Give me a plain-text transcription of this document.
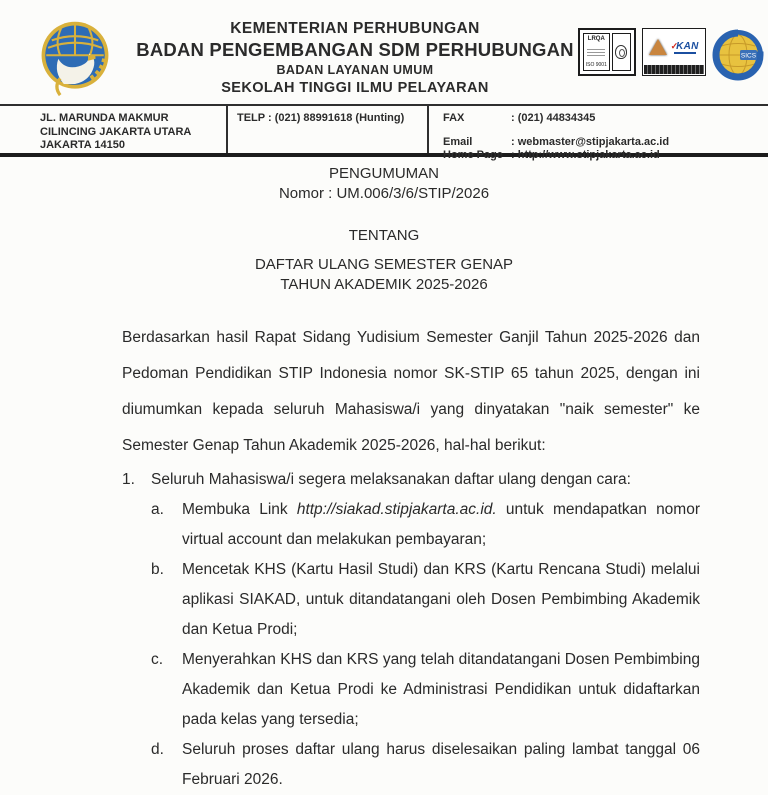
KEMENTERIAN PERHUBUNGAN
BADAN PENGEMBANGAN SDM PERHUBUNGAN
BADAN LAYANAN UMUM
SEKOLAH TINGGI ILMU PELAYARAN
LRQA
ISO 9001
✓KAN
SICS
JL. MARUNDA MAKMUR
CILINCING JAKARTA UTARA
JAKARTA 14150
TELP : (021) 88991618 (Hunting)	FAX	: (021) 44834345
Email	: webmaster@stipjakarta.ac.id
Home Page : http://www.stipjakarta.ac.id
PENGUMUMAN
Nomor : UM.006/3/6/STIP/2026
TENTANG
DAFTAR ULANG SEMESTER GENAP
TAHUN AKADEMIK 2025-2026

Berdasarkan hasil Rapat Sidang Yudisium Semester Ganjil Tahun 2025-2026 dan Pedoman Pendidikan STIP Indonesia nomor SK-STIP 65 tahun 2025, dengan ini diumumkan kepada seluruh Mahasiswa/i yang dinyatakan "naik semester" ke Semester Genap Tahun Akademik 2025-2026, hal-hal berikut:

1.	Seluruh Mahasiswa/i segera melaksanakan daftar ulang dengan cara:
a.	Membuka Link http://siakad.stipjakarta.ac.id. untuk mendapatkan nomor virtual account dan melakukan pembayaran;
b.	Mencetak KHS (Kartu Hasil Studi) dan KRS (Kartu Rencana Studi) melalui aplikasi SIAKAD, untuk ditandatangani oleh Dosen Pembimbing Akademik dan Ketua Prodi;
c.	Menyerahkan KHS dan KRS yang telah ditandatangani Dosen Pembimbing Akademik dan Ketua Prodi ke Administrasi Pendidikan untuk didaftarkan pada kelas yang tersedia;
d.	Seluruh proses daftar ulang harus diselesaikan paling lambat tanggal 06 Februari 2026.
